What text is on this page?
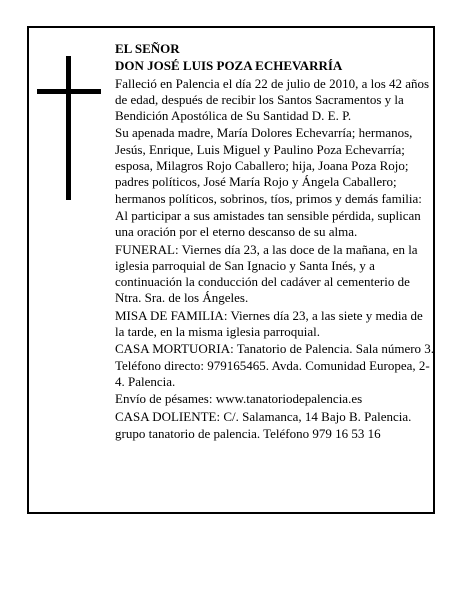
EL SEÑOR

DON JOSÉ LUIS POZA ECHEVARRÍA

Falleció en Palencia el día 22 de julio de 2010, a los 42 años de edad, después de recibir los Santos Sacramentos y la Bendición Apostólica de Su Santidad D. E. P.

Su apenada madre, María Dolores Echevarría; hermanos, Jesús, Enrique, Luis Miguel y Paulino Poza Echevarría; esposa, Milagros Rojo Caballero; hija, Joana Poza Rojo; padres políticos, José María Rojo y Ángela Caballero; hermanos políticos, sobrinos, tíos, primos y demás familia:

Al participar a sus amistades tan sensible pérdida, suplican una oración por el eterno descanso de su alma.

FUNERAL: Viernes día 23, a las doce de la mañana, en la iglesia parroquial de San Ignacio y Santa Inés, y a continuación la conducción del cadáver al cementerio de Ntra. Sra. de los Ángeles.

MISA DE FAMILIA: Viernes día 23, a las siete y media de la tarde, en la misma iglesia parroquial.

CASA MORTUORIA: Tanatorio de Palencia. Sala número 3. Teléfono directo: 979165465. Avda. Comunidad Europea, 2-4. Palencia.

Envío de pésames: www.tanatoriodepalencia.es

CASA DOLIENTE: C/. Salamanca, 14 Bajo B. Palencia.

grupo tanatorio de palencia. Teléfono 979 16 53 16
